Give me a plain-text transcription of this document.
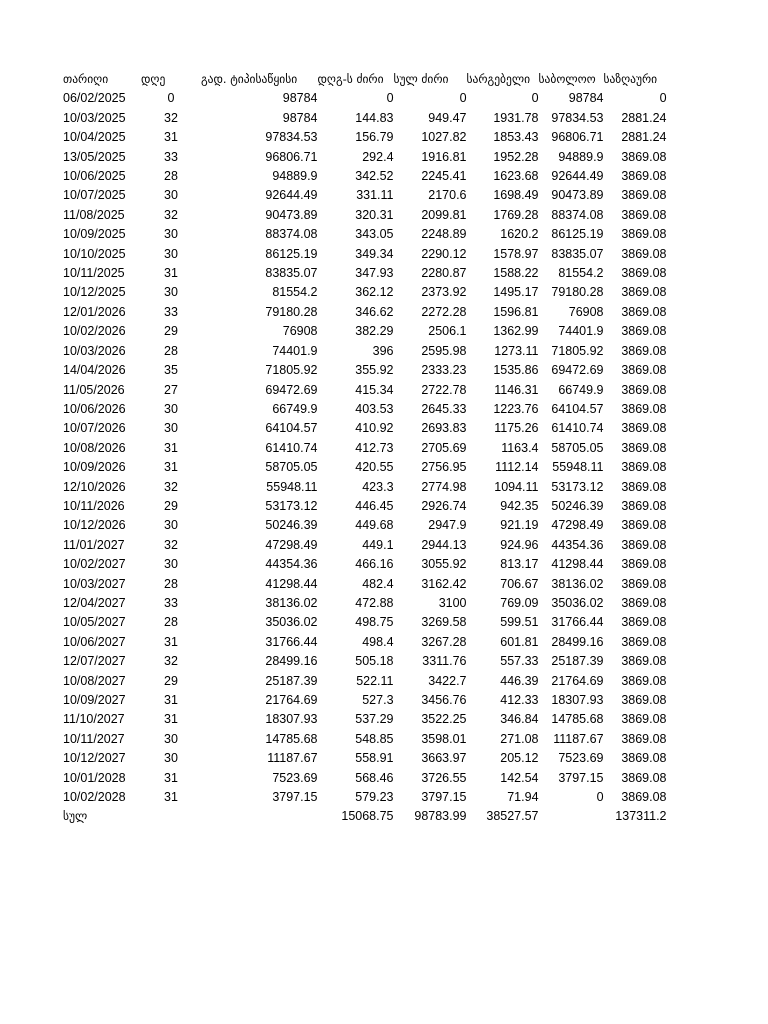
თარიღი	დღე	გად. ტიპი	საწყისი	დღგ-ს ძირი	სულ ძირი	სარგებელი	საბოლოო	საზღაური
06/02/2025	0		98784	0	0	0	98784	0
10/03/2025	32		98784	144.83	949.47	1931.78	97834.53	2881.24
10/04/2025	31		97834.53	156.79	1027.82	1853.43	96806.71	2881.24
13/05/2025	33		96806.71	292.4	1916.81	1952.28	94889.9	3869.08
10/06/2025	28		94889.9	342.52	2245.41	1623.68	92644.49	3869.08
10/07/2025	30		92644.49	331.11	2170.6	1698.49	90473.89	3869.08
11/08/2025	32		90473.89	320.31	2099.81	1769.28	88374.08	3869.08
10/09/2025	30		88374.08	343.05	2248.89	1620.2	86125.19	3869.08
10/10/2025	30		86125.19	349.34	2290.12	1578.97	83835.07	3869.08
10/11/2025	31		83835.07	347.93	2280.87	1588.22	81554.2	3869.08
10/12/2025	30		81554.2	362.12	2373.92	1495.17	79180.28	3869.08
12/01/2026	33		79180.28	346.62	2272.28	1596.81	76908	3869.08
10/02/2026	29		76908	382.29	2506.1	1362.99	74401.9	3869.08
10/03/2026	28		74401.9	396	2595.98	1273.11	71805.92	3869.08
14/04/2026	35		71805.92	355.92	2333.23	1535.86	69472.69	3869.08
11/05/2026	27		69472.69	415.34	2722.78	1146.31	66749.9	3869.08
10/06/2026	30		66749.9	403.53	2645.33	1223.76	64104.57	3869.08
10/07/2026	30		64104.57	410.92	2693.83	1175.26	61410.74	3869.08
10/08/2026	31		61410.74	412.73	2705.69	1163.4	58705.05	3869.08
10/09/2026	31		58705.05	420.55	2756.95	1112.14	55948.11	3869.08
12/10/2026	32		55948.11	423.3	2774.98	1094.11	53173.12	3869.08
10/11/2026	29		53173.12	446.45	2926.74	942.35	50246.39	3869.08
10/12/2026	30		50246.39	449.68	2947.9	921.19	47298.49	3869.08
11/01/2027	32		47298.49	449.1	2944.13	924.96	44354.36	3869.08
10/02/2027	30		44354.36	466.16	3055.92	813.17	41298.44	3869.08
10/03/2027	28		41298.44	482.4	3162.42	706.67	38136.02	3869.08
12/04/2027	33		38136.02	472.88	3100	769.09	35036.02	3869.08
10/05/2027	28		35036.02	498.75	3269.58	599.51	31766.44	3869.08
10/06/2027	31		31766.44	498.4	3267.28	601.81	28499.16	3869.08
12/07/2027	32		28499.16	505.18	3311.76	557.33	25187.39	3869.08
10/08/2027	29		25187.39	522.11	3422.7	446.39	21764.69	3869.08
10/09/2027	31		21764.69	527.3	3456.76	412.33	18307.93	3869.08
11/10/2027	31		18307.93	537.29	3522.25	346.84	14785.68	3869.08
10/11/2027	30		14785.68	548.85	3598.01	271.08	11187.67	3869.08
10/12/2027	30		11187.67	558.91	3663.97	205.12	7523.69	3869.08
10/01/2028	31		7523.69	568.46	3726.55	142.54	3797.15	3869.08
10/02/2028	31		3797.15	579.23	3797.15	71.94	0	3869.08
სულ				15068.75	98783.99	38527.57		137311.2
